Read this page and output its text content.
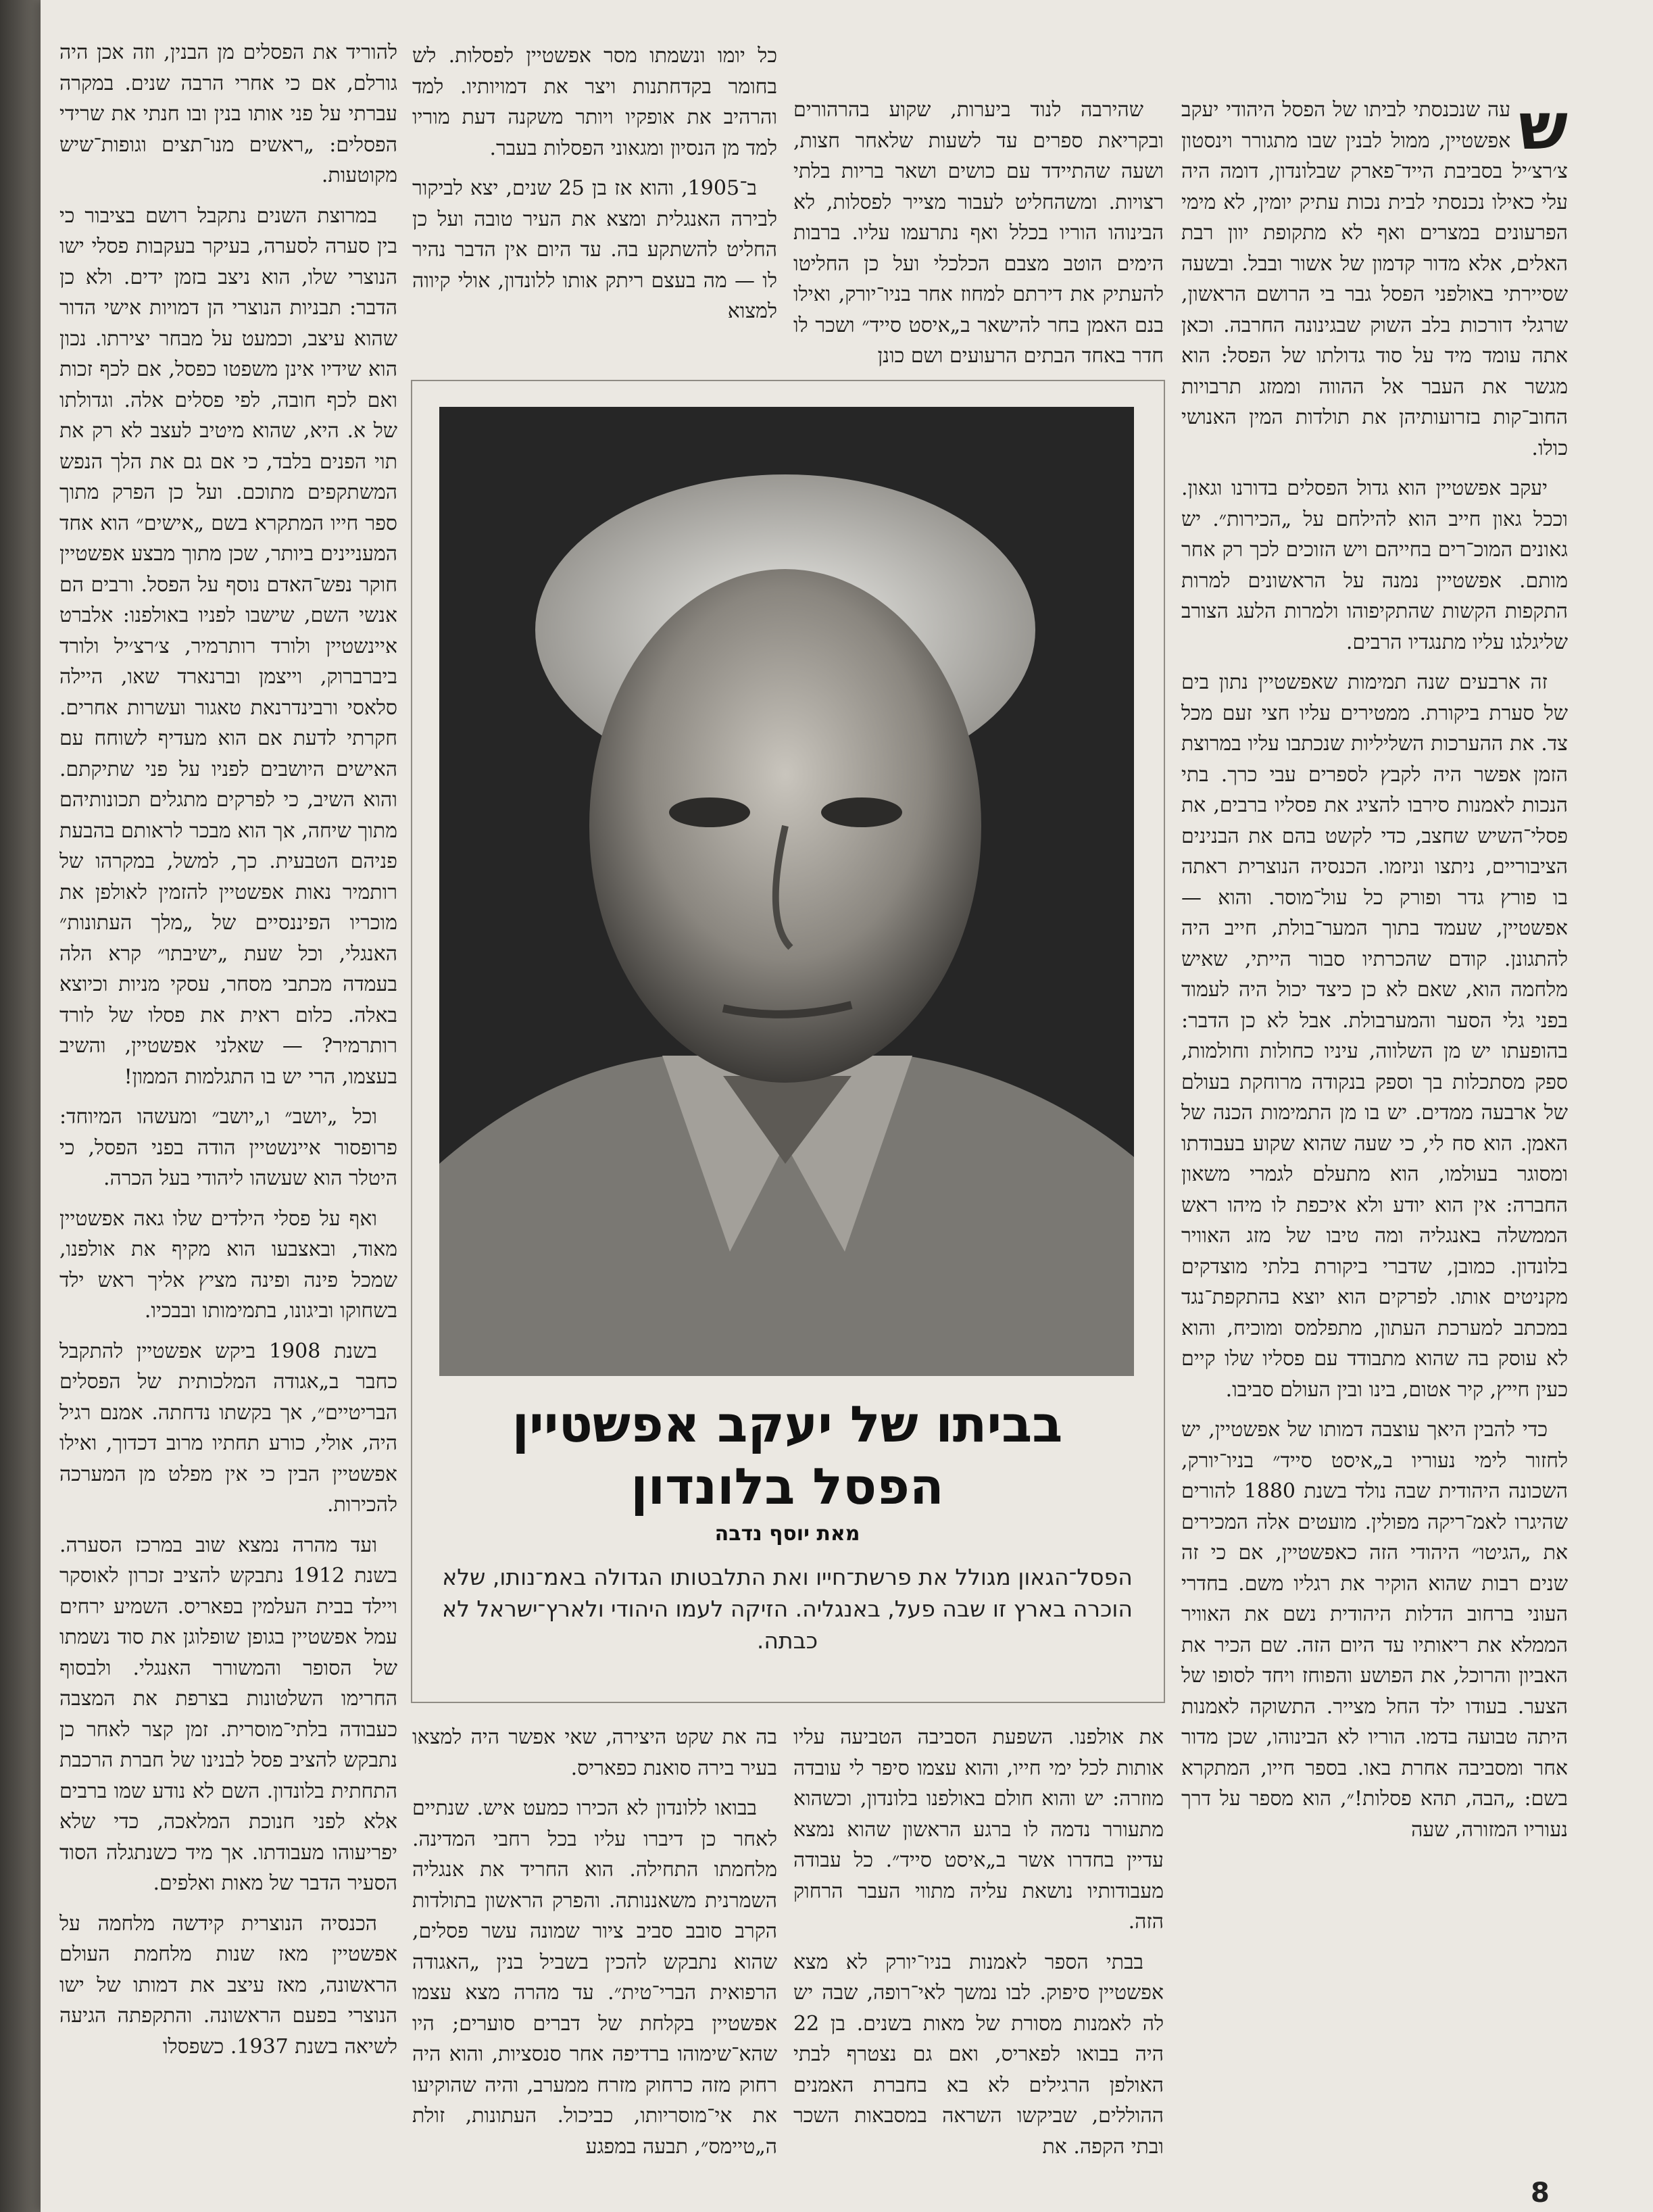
ש

עה שנכנסתי לביתו של הפסל היהודי יעקב אפשטיין, ממול לבנין שבו מתגורר וינסטון צ׳רצ׳יל בסביבת הייד־פארק שבלונדון, דומה היה עלי כאילו נכנסתי לבית נכות עתיק יומין, לא מימי הפרעונים במצרים ואף לא מתקופת יוון רבת האלים, אלא מדור קדמון של אשור ובבל. ובשעה שסיירתי באולפני הפסל גבר בי הרושם הראשון, שרגלי דורכות בלב השוק שבגינונה החרבה. וכאן אתה עומד מיד על סוד גדולתו של הפסל: הוא מגשר את העבר אל ההווה וממזג תרבויות החוב־קות בזרועותיהן את תולדות המין האנושי כולו.

יעקב אפשטיין הוא גדול הפסלים בדורנו וגאון. וככל גאון חייב הוא להילחם על „הכירות״. יש גאונים המוכ־רים בחייהם ויש הזוכים לכך רק אחר מותם. אפשטיין נמנה על הראשונים למרות התקפות הקשות שהתקיפוהו ולמרות הלעג הצורב שליגלגו עליו מתנגדיו הרבים.

זה ארבעים שנה תמימות שאפשטיין נתון בים של סערת ביקורת. ממטירים עליו חצי זעם מכל צד. את ההערכות השליליות שנכתבו עליו במרוצת הזמן אפשר היה לקבץ לספרים עבי כרך. בתי הנכות לאמנות סירבו להציג את פסליו ברבים, את פסלי־השיש שחצב, כדי לקשט בהם את הבנינים הציבוריים, ניתצו וניזמו. הכנסיה הנוצרית ראתה בו פורץ גדר ופורק כל עול־מוסר. והוא — אפשטיין, שעמד בתוך המער־בולת, חייב היה להתגונן. קודם שהכרתיו סבור הייתי, שאיש מלחמה הוא, שאם לא כן כיצד יכול היה לעמוד בפני גלי הסער והמערבולת. אבל לא כן הדבר: בהופעתו יש מן השלווה, עיניו כחולות וחולמות, ספק מסתכלות בך וספק בנקודה מרוחקת בעולם של ארבעה ממדים. יש בו מן התמימות הכנה של האמן. הוא סח לי, כי שעה שהוא שקוע בעבודתו ומסוגר בעולמו, הוא מתעלם לגמרי משאון החברה: אין הוא יודע ולא איכפת לו מיהו ראש הממשלה באנגליה ומה טיבו של מזג האוויר בלונדון. כמובן, שדברי ביקורת בלתי מוצדקים מקניטים אותו. לפרקים הוא יוצא בהתקפת־נגד במכתב למערכת העתון, מתפלמס ומוכיח, והוא לא עוסק בה שהוא מתבודד עם פסליו שלו קיים כעין חייץ, קיר אטום, בינו ובין העולם סביבו.

כדי להבין היאך עוצבה דמותו של אפשטיין, יש לחזור לימי נעוריו ב„איסט סייד״ בניו־יורק, השכונה היהודית שבה נולד בשנת 1880 להורים שהיגרו לאמ־ריקה מפולין. מועטים אלה המכירים את „הגיטו״ היהודי הזה כאפשטיין, אם כי זה שנים רבות שהוא הוקיר את רגליו משם. בחדרי העוני ברחוב הדלות היהודית נשם את האוויר הממלא את ריאותיו עד היום הזה. שם הכיר את האביון והרוכל, את הפושע והפוחז ויחד לסופו של הצער. בעודו ילד החל מצייר. התשוקה לאמנות היתה טבועה בדמו. הוריו לא הבינוהו, שכן מדור אחר ומסביבה אחרת באו. בספר חייו, המתקרא בשם: „הבה, תהא פסלות!״, הוא מספר על דרך נעוריו המזורה, שעה

שהירבה לנוד ביערות, שקוע בהרהורים ובקריאת ספרים עד לשעות שלאחר חצות, ושעה שהתיידד עם כושים ושאר בריות בלתי רצויות. ומשהחליט לעבור מצייר לפסלות, לא הבינוהו הוריו בכלל ואף נתרעמו עליו. ברבות הימים הוטב מצבם הכלכלי ועל כן החליטו להעתיק את דירתם למחוז אחר בניו־יורק, ואילו בנם האמן בחר להישאר ב„איסט סייד״ ושכר לו חדר באחד הבתים הרעועים ושם כונן

כל יומו ונשמתו מסר אפשטיין לפסלות. לש בחומר בקדחתנות ויצר את דמויותיו. למד והרהיב את אופקיו ויותר משקנה דעת מוריו למד מן הנסיון ומגאוני הפסלות בעבר.

ב־1905, והוא אז בן 25 שנים, יצא לביקור לבירה האנגלית ומצא את העיר טובה ועל כן החליט להשתקע בה. עד היום אין הדבר נהיר לו — מה בעצם ריתק אותו ללונדון, אולי קיווה למצוא

בביתו של יעקב אפשטיין
הפסל בלונדון
מאת יוסף נדבה
הפסל־הגאון מגולל את פרשת־חייו ואת התלבטותו הגדולה באמ־נותו, שלא הוכרה בארץ זו שבה פעל, באנגליה. הזיקה לעמו היהודי ולארץ־ישראל לא כבתה.

את אולפנו. השפעת הסביבה הטביעה עליו אותות לכל ימי חייו, והוא עצמו סיפר לי עובדה מוזרה: יש והוא חולם באולפנו בלונדון, וכשהוא מתעורר נדמה לו ברגע הראשון שהוא נמצא עדיין בחדרו אשר ב„איסט סייד״. כל עבודה מעבודותיו נושאת עליה מתווי העבר הרחוק הזה.

בבתי הספר לאמנות בניו־יורק לא מצא אפשטיין סיפוק. לבו נמשך לאי־רופה, שבה יש לה לאמנות מסורת של מאות בשנים. בן 22 היה בבואו לפאריס, ואם גם נצטרף לבתי האולפן הרגילים לא בא בחברת האמנים ההוללים, שביקשו השראה במסבאות השכר ובתי הקפה. את

בה את שקט היצירה, שאי אפשר היה למצאו בעיר בירה סואנת כפאריס.

בבואו ללונדון לא הכירו כמעט איש. שנתיים לאחר כן דיברו עליו בכל רחבי המדינה. מלחמתו התחילה. הוא החריד את אנגליה השמרנית משאננותה. והפרק הראשון בתולדות הקרב סובב סביב ציור שמונה עשר פסלים, שהוא נתבקש להכין בשביל בנין „האגודה הרפואית הברי־טית״. עד מהרה מצא עצמו אפשטיין בקלחת של דברים סוערים; היו שהא־שימוהו ברדיפה אחר סנסציות, והוא היה רחוק מזה כרחוק מזרח ממערב, והיה שהוקיעו את אי־מוסריותו, כביכול. העתונות, זולת ה„טיימס״, תבעה במפגע

להוריד את הפסלים מן הבנין, וזה אכן היה גורלם, אם כי אחרי הרבה שנים. במקרה עברתי על פני אותו בנין ובו חנתי את שרידי הפסלים: „ראשים מנו־תצים וגופות־שיש מקוטעות.

במרוצת השנים נתקבל רושם בציבור כי בין סערה לסערה, בעיקר בעקבות פסלי ישו הנוצרי שלו, הוא ניצב בזמן ידים. ולא כן הדבר: תבניות הנוצרי הן דמויות אישי הדור שהוא עיצב, וכמעט על מבחר יצירתו. נכון הוא שידיו אינן משפטו כפסל, אם לכף זכות ואם לכף חובה, לפי פסלים אלה. וגדולתו של א. היא, שהוא מיטיב לעצב לא רק את תוי הפנים בלבד, כי אם גם את הלך הנפש המשתקפים מתוכם. ועל כן הפרק מתוך ספר חייו המתקרא בשם „אישים״ הוא אחד המעניינים ביותר, שכן מתוך מבצע אפשטיין חוקר נפש־האדם נוסף על הפסל. ורבים הם אנשי השם, שישבו לפניו באולפנו: אלברט איינשטיין ולורד רותרמיר, צ׳רצ׳יל ולורד ביברברוק, וייצמן וברנארד שאו, היילה סלאסי ורבינדרנאת טאגור ועשרות אחרים. חקרתי לדעת אם הוא מעדיף לשוחח עם האישים היושבים לפניו על פני שתיקתם. והוא השיב, כי לפרקים מתגלים תכונותיהם מתוך שיחה, אך הוא מבכר לראותם בהבעת פניהם הטבעית. כך, למשל, במקרהו של רותמיר נאות אפשטיין להזמין לאולפן את מוכריו הפיננסיים של „מלך העתונות״ האנגלי, וכל שעת „ישיבתו״ קרא הלה בעמדה מכתבי מסחר, עסקי מניות וכיוצא באלה. כלום ראית את פסלו של לורד רותרמיר? — שאלני אפשטיין, והשיב בעצמו, הרי יש בו התגלמות הממון!

וכל „יושב״ ו„יושב״ ומעשהו המיוחד: פרופסור איינשטיין הודה בפני הפסל, כי היטלר הוא שעשהו ליהודי בעל הכרה.

ואף על פסלי הילדים שלו גאה אפשטיין מאוד, ובאצבעו הוא מקיף את אולפנו, שמכל פינה ופינה מציץ אליך ראש ילד בשחוקו וביגונו, בתמימותו ובבכיו.

בשנת 1908 ביקש אפשטיין להתקבל כחבר ב„אגודה המלכותית של הפסלים הבריטיים״, אך בקשתו נדחתה. אמנם רגיל היה, אולי, כורע תחתיו מרוב דכדוך, ואילו אפשטיין הבין כי אין מפלט מן המערכה להכירות.

ועד מהרה נמצא שוב במרכז הסערה. בשנת 1912 נתבקש להציב זכרון לאוסקר ויילד בבית העלמין בפאריס. השמיע ירחים עמל אפשטיין בגופן שופלוגן את סוד נשמתו של הסופר והמשורר האנגלי. ולבסוף החרימו השלטונות בצרפת את המצבה כעבודה בלתי־מוסרית. זמן קצר לאחר כן נתבקש להציב פסל לבנינו של חברת הרכבת התחתית בלונדון. השם לא נודע שמו ברבים אלא לפני חנוכת המלאכה, כדי שלא יפריעוהו מעבודתו. אך מיד כשנתגלה הסוד הסעיר הדבר של מאות ואלפים.

הכנסיה הנוצרית קידשה מלחמה על אפשטיין מאז שנות מלחמת העולם הראשונה, מאז עיצב את דמותו של ישו הנוצרי בפעם הראשונה. והתקפתה הגיעה לשיאה בשנת 1937. כשפסלו

8
